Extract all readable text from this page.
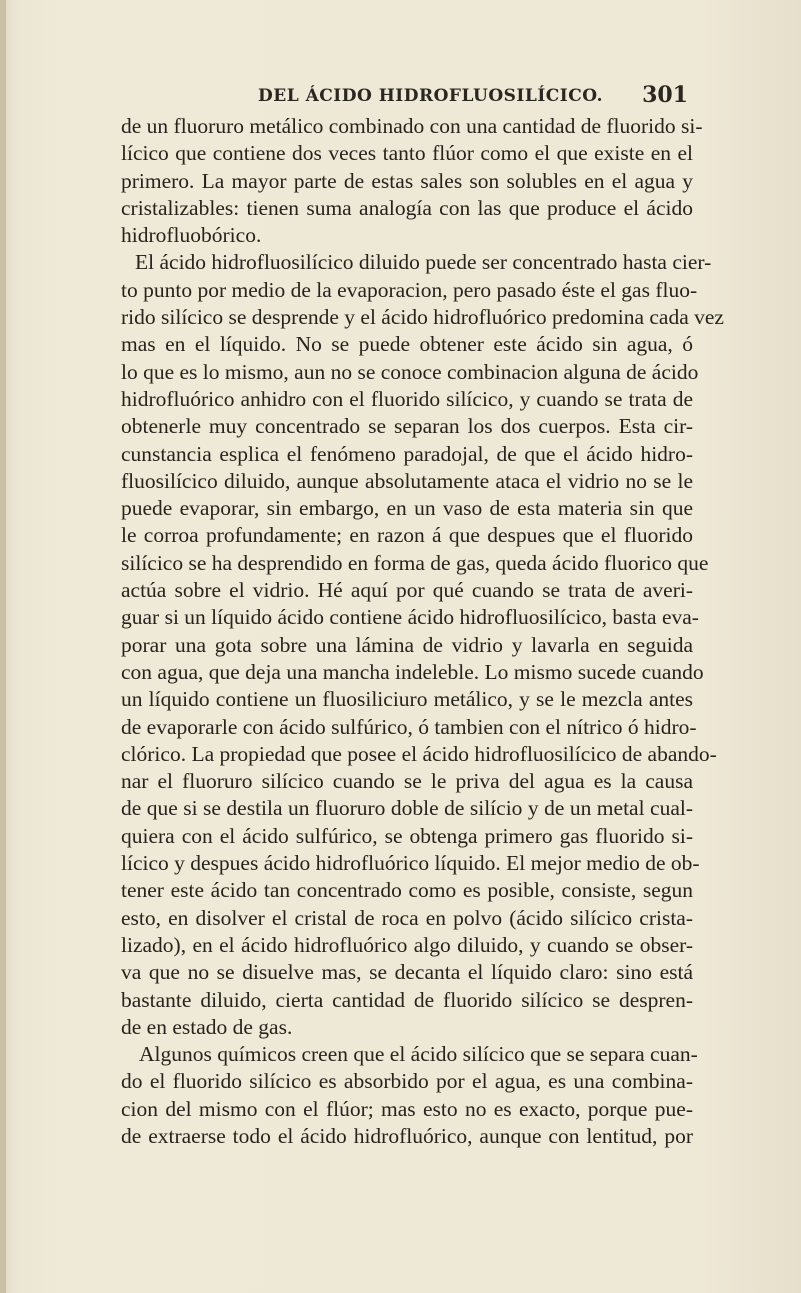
DEL ÁCIDO HIDROFLUOSILÍCICO. 301
de un fluoruro metálico combinado con una cantidad de fluorido si-
lícico que contiene dos veces tanto flúor como el que existe en el
primero. La mayor parte de estas sales son solubles en el agua y
cristalizables: tienen suma analogía con las que produce el ácido
hidrofluobórico.
El ácido hidrofluosilícico diluido puede ser concentrado hasta cier-
to punto por medio de la evaporacion, pero pasado éste el gas fluo-
rido silícico se desprende y el ácido hidrofluórico predomina cada vez
mas en el líquido. No se puede obtener este ácido sin agua, ó
lo que es lo mismo, aun no se conoce combinacion alguna de ácido
hidrofluórico anhidro con el fluorido silícico, y cuando se trata de
obtenerle muy concentrado se separan los dos cuerpos. Esta cir-
cunstancia esplica el fenómeno paradojal, de que el ácido hidro-
fluosilícico diluido, aunque absolutamente ataca el vidrio no se le
puede evaporar, sin embargo, en un vaso de esta materia sin que
le corroa profundamente; en razon á que despues que el fluorido
silícico se ha desprendido en forma de gas, queda ácido fluorico que
actúa sobre el vidrio. Hé aquí por qué cuando se trata de averi-
guar si un líquido ácido contiene ácido hidrofluosilícico, basta eva-
porar una gota sobre una lámina de vidrio y lavarla en seguida
con agua, que deja una mancha indeleble. Lo mismo sucede cuando
un líquido contiene un fluosiliciuro metálico, y se le mezcla antes
de evaporarle con ácido sulfúrico, ó tambien con el nítrico ó hidro-
clórico. La propiedad que posee el ácido hidrofluosilícico de abando-
nar el fluoruro silícico cuando se le priva del agua es la causa
de que si se destila un fluoruro doble de silício y de un metal cual-
quiera con el ácido sulfúrico, se obtenga primero gas fluorido si-
lícico y despues ácido hidrofluórico líquido. El mejor medio de ob-
tener este ácido tan concentrado como es posible, consiste, segun
esto, en disolver el cristal de roca en polvo (ácido silícico crista-
lizado), en el ácido hidrofluórico algo diluido, y cuando se obser-
va que no se disuelve mas, se decanta el líquido claro: sino está
bastante diluido, cierta cantidad de fluorido silícico se despren-
de en estado de gas.
Algunos químicos creen que el ácido silícico que se separa cuan-
do el fluorido silícico es absorbido por el agua, es una combina-
cion del mismo con el flúor; mas esto no es exacto, porque pue-
de extraerse todo el ácido hidrofluórico, aunque con lentitud, por
